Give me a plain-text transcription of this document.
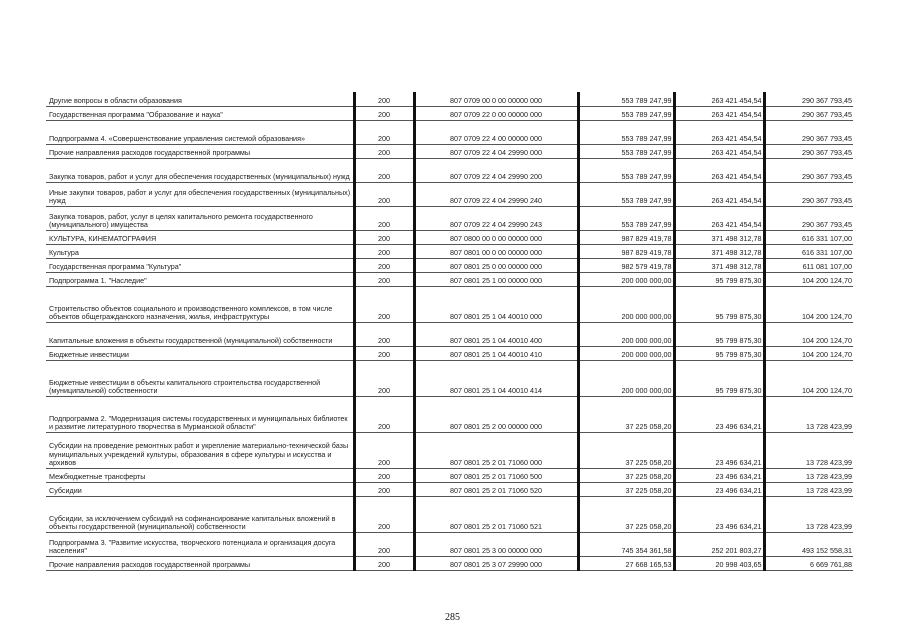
Другие вопросы в области образования	200	807 0709 00 0 00 00000 000	553 789 247,99	263 421 454,54	290 367 793,45
Государственная программа "Образование и наука"	200	807 0709 22 0 00 00000 000	553 789 247,99	263 421 454,54	290 367 793,45
Подпрограмма 4. «Совершенствование управления системой образования»	200	807 0709 22 4 00 00000 000	553 789 247,99	263 421 454,54	290 367 793,45
Прочие направления расходов государственной программы	200	807 0709 22 4 04 29990 000	553 789 247,99	263 421 454,54	290 367 793,45
Закупка товаров, работ и услуг для обеспечения государственных (муниципальных) нужд	200	807 0709 22 4 04 29990 200	553 789 247,99	263 421 454,54	290 367 793,45
Иные закупки товаров, работ и услуг для обеспечения государственных (муниципальных) нужд	200	807 0709 22 4 04 29990 240	553 789 247,99	263 421 454,54	290 367 793,45
Закупка товаров, работ, услуг в целях капитального ремонта государственного (муниципального) имущества	200	807 0709 22 4 04 29990 243	553 789 247,99	263 421 454,54	290 367 793,45
КУЛЬТУРА, КИНЕМАТОГРАФИЯ	200	807 0800 00 0 00 00000 000	987 829 419,78	371 498 312,78	616 331 107,00
Культура	200	807 0801 00 0 00 00000 000	987 829 419,78	371 498 312,78	616 331 107,00
Государственная программа "Культура"	200	807 0801 25 0 00 00000 000	982 579 419,78	371 498 312,78	611 081 107,00
Подпрограмма 1. "Наследие"	200	807 0801 25 1 00 00000 000	200 000 000,00	95 799 875,30	104 200 124,70
Строительство объектов социального и производственного комплексов, в том числе объектов общегражданского назначения, жилья, инфраструктуры	200	807 0801 25 1 04 40010 000	200 000 000,00	95 799 875,30	104 200 124,70
Капитальные вложения в объекты государственной (муниципальной) собственности	200	807 0801 25 1 04 40010 400	200 000 000,00	95 799 875,30	104 200 124,70
Бюджетные инвестиции	200	807 0801 25 1 04 40010 410	200 000 000,00	95 799 875,30	104 200 124,70
Бюджетные инвестиции в объекты капитального строительства государственной (муниципальной) собственности	200	807 0801 25 1 04 40010 414	200 000 000,00	95 799 875,30	104 200 124,70
Подпрограмма 2. "Модернизация системы государственных и муниципальных библиотек и развитие литературного творчества в Мурманской области"	200	807 0801 25 2 00 00000 000	37 225 058,20	23 496 634,21	13 728 423,99
Субсидии на проведение ремонтных работ и укрепление материально-технической базы муниципальных учреждений культуры, образования в сфере культуры и искусства и архивов	200	807 0801 25 2 01 71060 000	37 225 058,20	23 496 634,21	13 728 423,99
Межбюджетные трансферты	200	807 0801 25 2 01 71060 500	37 225 058,20	23 496 634,21	13 728 423,99
Субсидии	200	807 0801 25 2 01 71060 520	37 225 058,20	23 496 634,21	13 728 423,99
Субсидии, за исключением субсидий на софинансирование капитальных вложений в объекты государственной (муниципальной) собственности	200	807 0801 25 2 01 71060 521	37 225 058,20	23 496 634,21	13 728 423,99
Подпрограмма 3. "Развитие искусства, творческого потенциала и организация досуга населения"	200	807 0801 25 3 00 00000 000	745 354 361,58	252 201 803,27	493 152 558,31
Прочие направления расходов государственной программы	200	807 0801 25 3 07 29990 000	27 668 165,53	20 998 403,65	6 669 761,88
285
